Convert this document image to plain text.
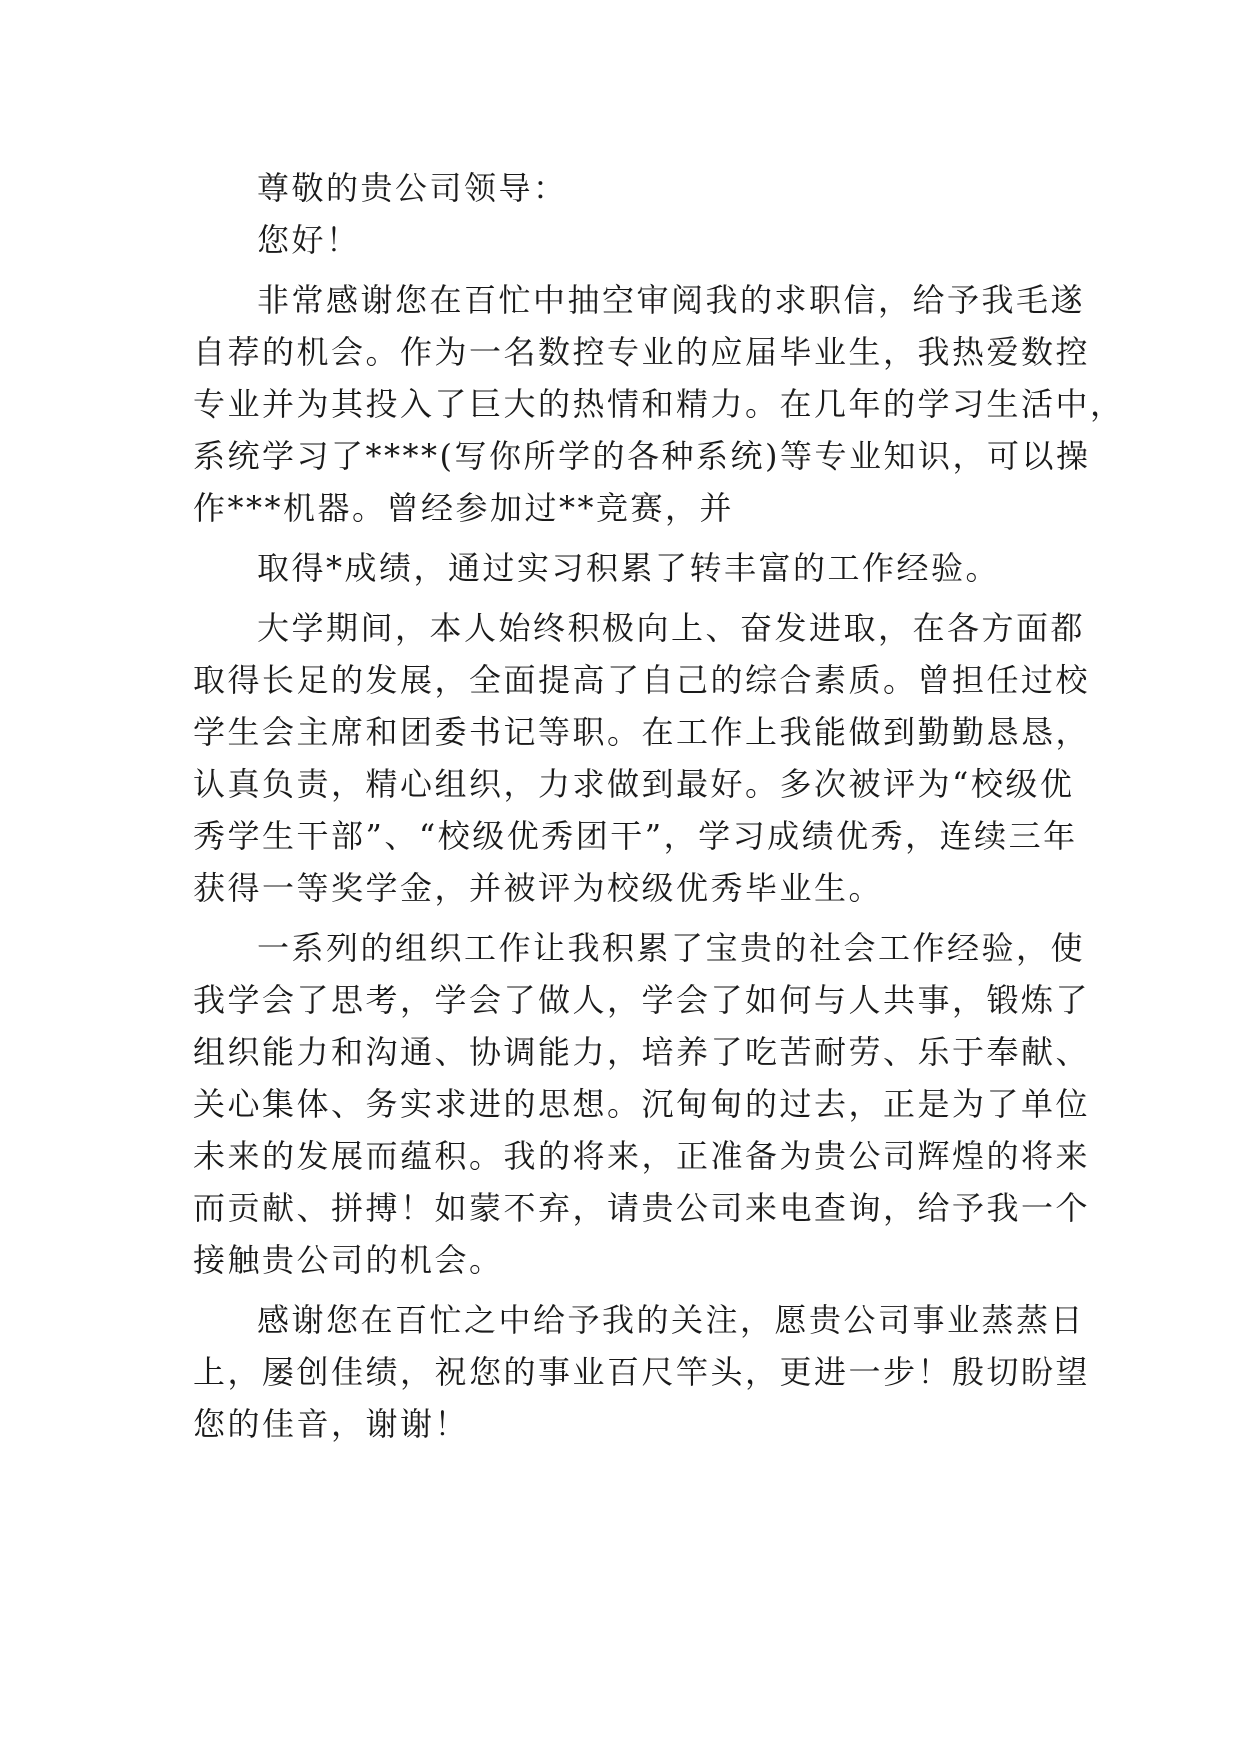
尊敬的贵公司领导：
您好！
非常感谢您在百忙中抽空审阅我的求职信，给予我毛遂
自荐的机会。作为一名数控专业的应届毕业生，我热爱数控
专业并为其投入了巨大的热情和精力。在几年的学习生活中，
系统学习了****(写你所学的各种系统)等专业知识，可以操
作***机器。曾经参加过**竞赛，并
取得*成绩，通过实习积累了转丰富的工作经验。
大学期间，本人始终积极向上、奋发进取，在各方面都
取得长足的发展，全面提高了自己的综合素质。曾担任过校
学生会主席和团委书记等职。在工作上我能做到勤勤恳恳，
认真负责，精心组织，力求做到最好。多次被评为“校级优
秀学生干部”、“校级优秀团干”，学习成绩优秀，连续三年
获得一等奖学金，并被评为校级优秀毕业生。
一系列的组织工作让我积累了宝贵的社会工作经验，使
我学会了思考，学会了做人，学会了如何与人共事，锻炼了
组织能力和沟通、协调能力，培养了吃苦耐劳、乐于奉献、
关心集体、务实求进的思想。沉甸甸的过去，正是为了单位
未来的发展而蕴积。我的将来，正准备为贵公司辉煌的将来
而贡献、拼搏！如蒙不弃，请贵公司来电查询，给予我一个
接触贵公司的机会。
感谢您在百忙之中给予我的关注，愿贵公司事业蒸蒸日
上，屡创佳绩，祝您的事业百尺竿头，更进一步！殷切盼望
您的佳音，谢谢！
